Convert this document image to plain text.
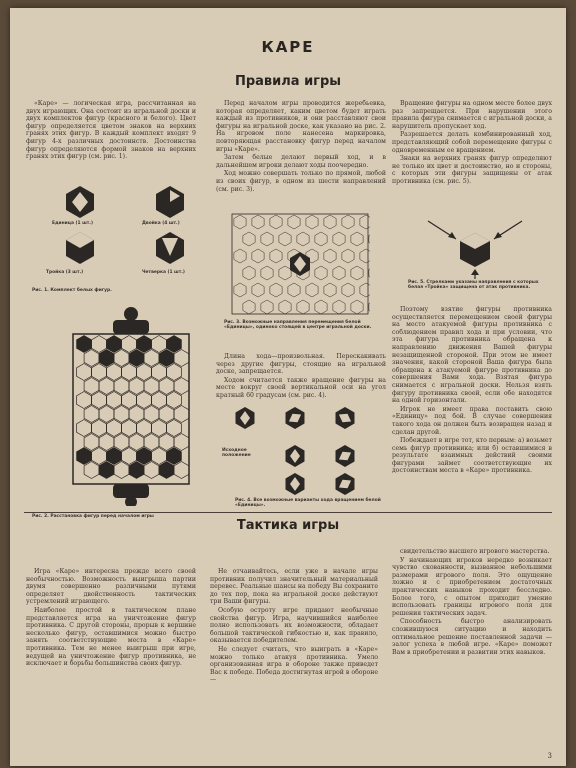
КАРЕ
Правила игры

«Каре» — логическая игра, рассчитанная на двух играющих. Она состоит из игральной доски и двух комплектов фигур (красного и белого). Цвет фигур определяется цветом знаков на верхних гранях этих фигур. В каждый комплект входят 9 фигур 4-х различных достоинств. Достоинства фигур определяются формой знаков на верхних гранях этих фигур (см. рис. 1).

Единица (1 шт.)	Двойка (4 шт.)
Тройка (3 шт.)	Четверка (1 шт.)
Рис. 1. Комплект белых фигур.
Рис. 2. Расстановка фигур перед началом игры

Перед началом игры проводится жеребьевка, которая определяет, каким цветом будет играть каждый из противников, и они расставляют свои фигуры на игральной доске, как указано на рис. 2. На игровом поле нанесена маркировка, повторяющая расстановку фигур перед началом игры «Каре».

Затем белые делают первый ход, и в дальнейшем игроки делают ходы поочередно.

Ход можно совершать только по прямой, любой из своих фигур, в одном из шести направлений (см. рис. 3).

Рис. 3. Возможные направления перемещения белой «Единицы», одиноко стоящей в центре игральной доски.

Длина хода—произвольная. Перескакивать через другие фигуры, стоящие на игральной доске, запрещается.

Ходом считается также вращение фигуры на месте вокруг своей вертикальной оси на угол кратный 60 градусам (см. рис. 4).

Исходное положение
Рис. 4. Все возможные варианты хода вращением белой «Единицы».

Вращение фигуры на одном месте более двух раз запрещается. При нарушении этого правила фигура снимается с игральной доски, а нарушитель пропускает ход.

Разрешается делать комбинированный ход, представляющий собой перемещение фигуры с одновременным ее вращением.

Знаки на верхних гранях фигур определяют не только их цвет и достоинство, но и стороны, с которых эти фигуры защищены от атак противника (см. рис. 5).

Рис. 5. Стрелками указаны направления с которых белая «Тройка» защищена от атак противника.

Поэтому взятие фигуры противника осуществляется перемещением своей фигуры на место атакуемой фигуры противника с соблюдением правил хода и при условии, что эта фигура противника обращена к направлению движения Вашей фигуры незащищенной стороной. При этом не имеет значения, какой стороной Ваша фигура была обращена к атакуемой фигуре противника до совершения Вами хода. Взятая фигура снимается с игральной доски. Нельзя взять фигуру противника своей, если обе находятся на одной горизонтали.

Игрок не имеет права поставить свою «Единицу» под бой. В случае совершения такого хода он должен быть возвращен назад и сделан другой.

Побеждает в игре тот, кто первым: а) возьмет семь фигур противника; или б) оставшимися в результате взаимных действий своими фигурами займет соответствующие их достоинствам места в «Каре» противника.

Тактика игры

Игра «Каре» интересна прежде всего своей необычностью. Возможность выигрыша партии двумя совершенно различными путями определяет двойственность тактических устремлений играющего.

Наиболее простой в тактическом плане представляется игра на уничтожение фигур противника. С другой стороны, прорыв к вершине несколько фигур, оставшимися можно быстро занять соответствующие места в «Каре» противника. Тем не менее выигрыш при игре, ведущей на уничтожение фигур противника, не исключает и борьбы большинства своих фигур.

Не отчаивайтесь, если уже в начале игры противник получил значительный материальный перевес. Реальные шансы на победу Вы сохраните до тех пор, пока на игральной доске действуют три Ваши фигуры.

Особую остроту игре придают необычные свойства фигур. Игра, научившийся наиболее полно использовать их возможности, обладает большой тактической гибкостью и, как правило, оказывается победителем.

Не следует считать, что выиграть в «Каре» можно только атакуя противника. Умело организованная игра в обороне также приведет Вас к победе. Победа достигнутая игрой в обороне —

свидетельство высшего игрового мастерства.

У начинающих игроков нередко возникает чувство скованности, вызванное небольшими размерами игрового поля. Это ощущение ложно и с приобретением достаточных практических навыков проходит бесследно. Более того, с опытом приходит умение использовать границы игрового поля для решения тактических задач.

Способность быстро анализировать сложившуюся ситуацию и находить оптимальное решение поставленной задачи — залог успеха в любой игре. «Каре» поможет Вам в приобретении и развитии этих навыков.

3
